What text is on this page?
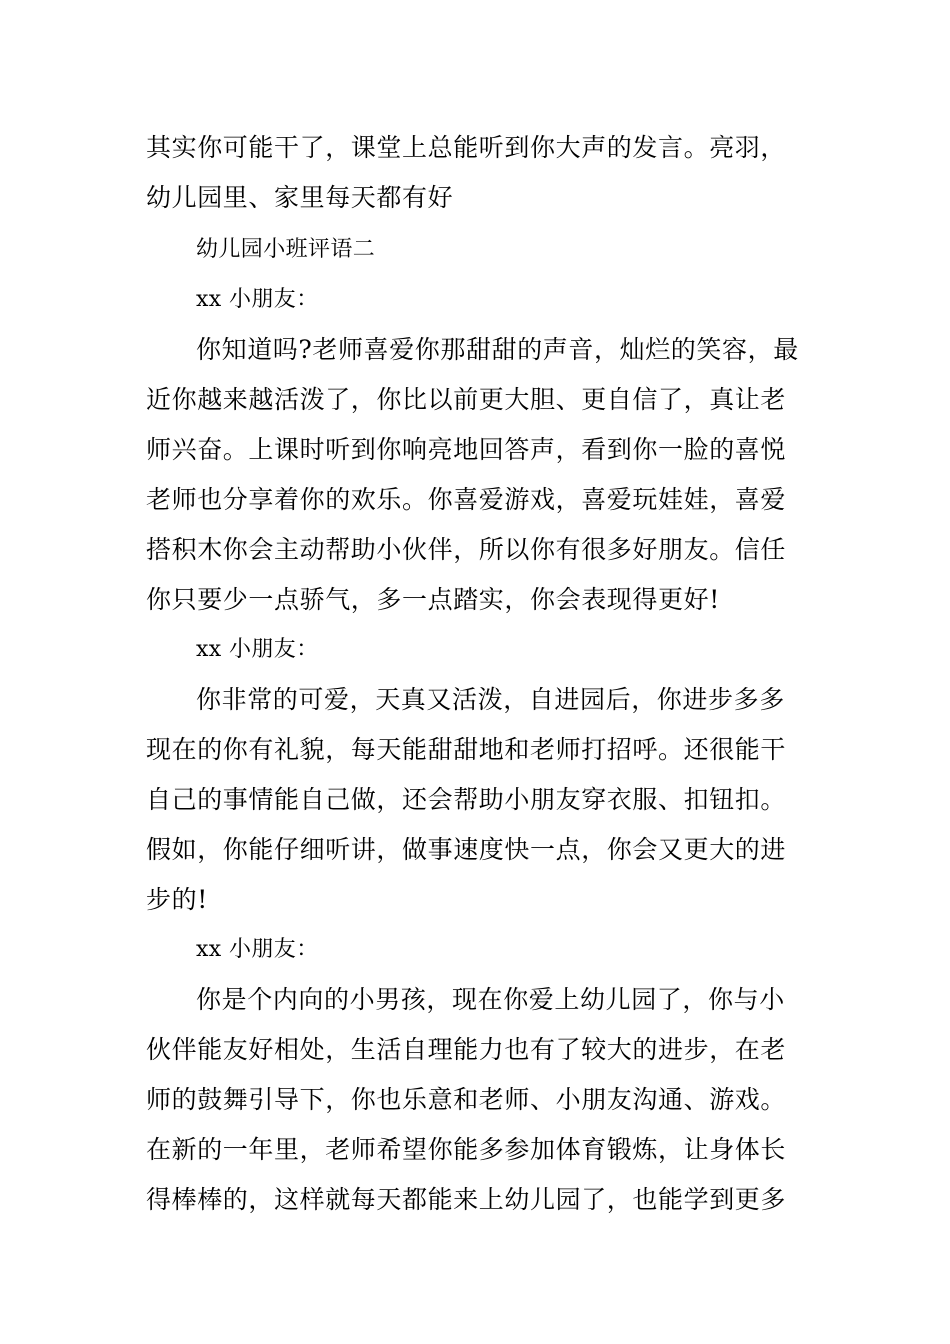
其实你可能干了，课堂上总能听到你大声的发言。亮羽，
幼儿园里、家里每天都有好
幼儿园小班评语二
xx 小朋友：
你知道吗?老师喜爱你那甜甜的声音，灿烂的笑容，最
近你越来越活泼了，你比以前更大胆、更自信了，真让老
师兴奋。上课时听到你响亮地回答声，看到你一脸的喜悦
老师也分享着你的欢乐。你喜爱游戏，喜爱玩娃娃，喜爱
搭积木你会主动帮助小伙伴，所以你有很多好朋友。信任
你只要少一点骄气，多一点踏实，你会表现得更好!
xx 小朋友：
你非常的可爱，天真又活泼，自进园后，你进步多多
现在的你有礼貌，每天能甜甜地和老师打招呼。还很能干
自己的事情能自己做，还会帮助小朋友穿衣服、扣钮扣。
假如，你能仔细听讲，做事速度快一点，你会又更大的进
步的!
xx 小朋友：
你是个内向的小男孩，现在你爱上幼儿园了，你与小
伙伴能友好相处，生活自理能力也有了较大的进步，在老
师的鼓舞引导下，你也乐意和老师、小朋友沟通、游戏。
在新的一年里，老师希望你能多参加体育锻炼，让身体长
得棒棒的，这样就每天都能来上幼儿园了，也能学到更多
